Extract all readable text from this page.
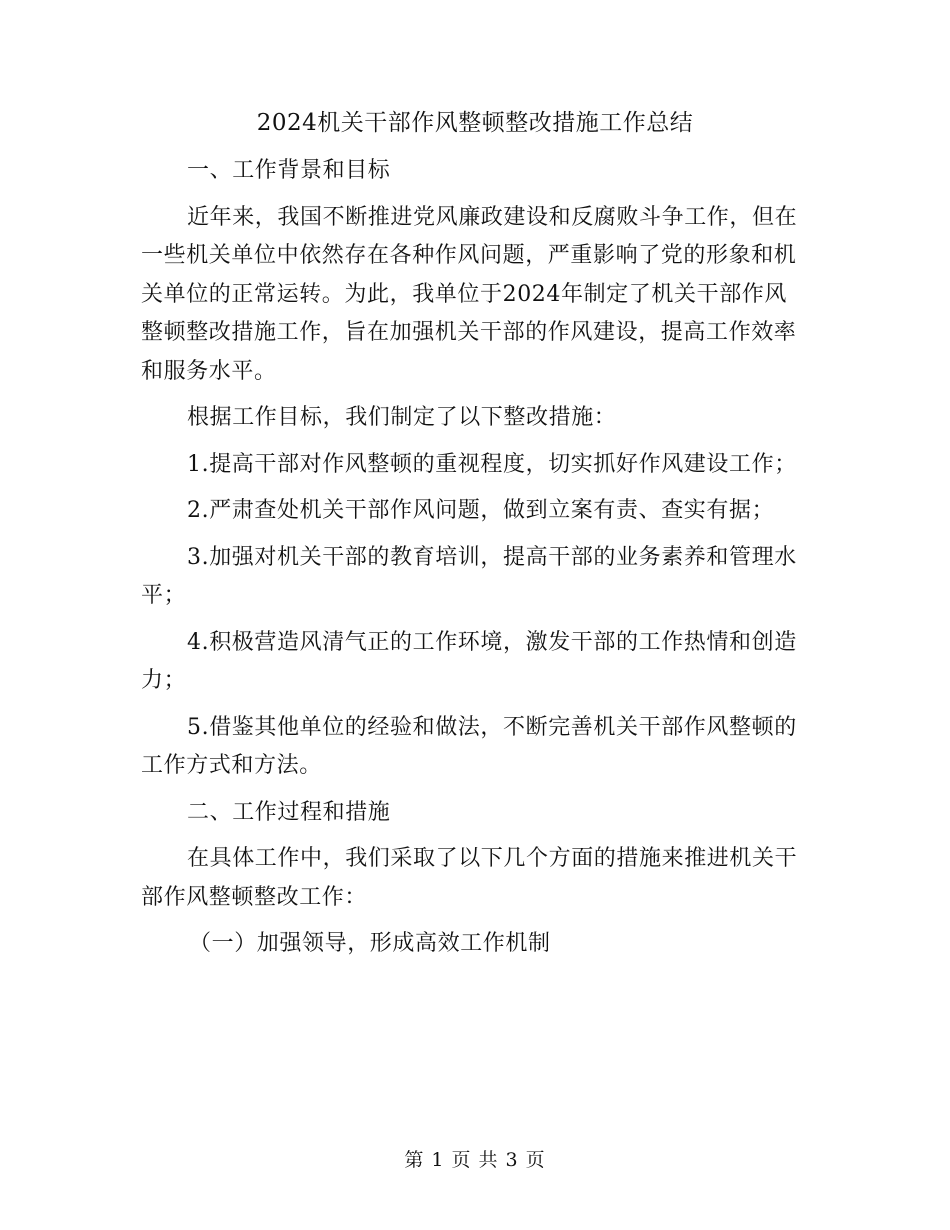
2024机关干部作风整顿整改措施工作总结

一、工作背景和目标

近年来，我国不断推进党风廉政建设和反腐败斗争工作，但在一些机关单位中依然存在各种作风问题，严重影响了党的形象和机关单位的正常运转。为此，我单位于2024年制定了机关干部作风整顿整改措施工作，旨在加强机关干部的作风建设，提高工作效率和服务水平。

根据工作目标，我们制定了以下整改措施：

1.提高干部对作风整顿的重视程度，切实抓好作风建设工作；

2.严肃查处机关干部作风问题，做到立案有责、查实有据；

3.加强对机关干部的教育培训，提高干部的业务素养和管理水平；

4.积极营造风清气正的工作环境，激发干部的工作热情和创造力；

5.借鉴其他单位的经验和做法，不断完善机关干部作风整顿的工作方式和方法。

二、工作过程和措施

在具体工作中，我们采取了以下几个方面的措施来推进机关干部作风整顿整改工作：

（一）加强领导，形成高效工作机制

第 1 页 共 3 页
